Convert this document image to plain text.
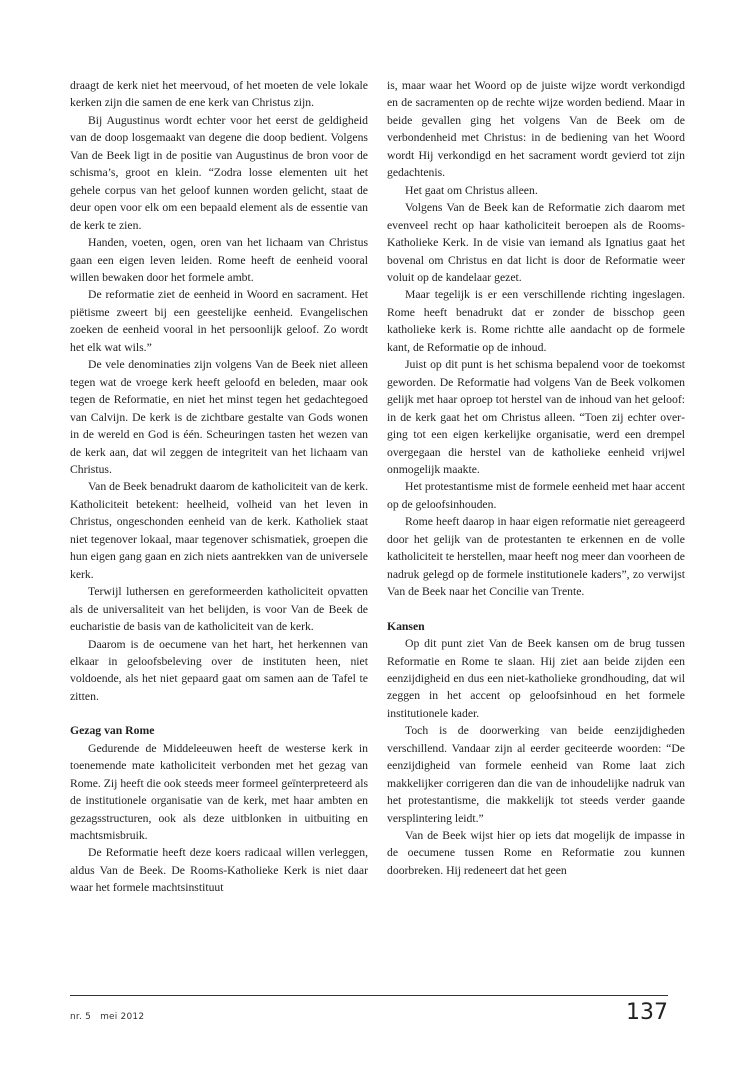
draagt de kerk niet het meervoud, of het moeten de vele lokale kerken zijn die samen de ene kerk van Christus zijn.

Bij Augustinus wordt echter voor het eerst de geldigheid van de doop losgemaakt van degene die doop bedient. Volgens Van de Beek ligt in de positie van Augustinus de bron voor de schisma’s, groot en klein. “Zodra losse elementen uit het gehele corpus van het geloof kunnen worden gelicht, staat de deur open voor elk om een bepaald element als de essentie van de kerk te zien.

Handen, voeten, ogen, oren van het lichaam van Christus gaan een eigen leven leiden. Rome heeft de eenheid vooral willen bewaken door het formele ambt.

De reformatie ziet de eenheid in Woord en sacrament. Het piëtisme zweert bij een geestelijke eenheid. Evangelischen zoeken de eenheid vooral in het persoonlijk geloof. Zo wordt het elk wat wils.”

De vele denominaties zijn volgens Van de Beek niet alleen tegen wat de vroege kerk heeft geloofd en beleden, maar ook tegen de Reformatie, en niet het minst tegen het gedachtegoed van Calvijn. De kerk is de zichtbare gestalte van Gods wonen in de wereld en God is één. Scheuringen tasten het wezen van de kerk aan, dat wil zeggen de integriteit van het lichaam van Christus.

Van de Beek benadrukt daarom de katholiciteit van de kerk. Katholiciteit betekent: heelheid, volheid van het leven in Christus, ongeschonden eenheid van de kerk. Katholiek staat niet tegenover lokaal, maar tegenover schismatiek, groepen die hun eigen gang gaan en zich niets aantrekken van de universele kerk.

Terwijl luthersen en gereformeerden katholiciteit opvatten als de universaliteit van het belijden, is voor Van de Beek de eucharistie de basis van de katholiciteit van de kerk.

Daarom is de oecumene van het hart, het herkennen van elkaar in geloofsbeleving over de instituten heen, niet voldoende, als het niet gepaard gaat om samen aan de Tafel te zitten.

Gezag van Rome

Gedurende de Middeleeuwen heeft de westerse kerk in toenemende mate katholiciteit verbonden met het gezag van Rome. Zij heeft die ook steeds meer formeel geïnterpreteerd als de institutionele organisatie van de kerk, met haar ambten en gezagsstructuren, ook als deze uitblonken in uitbuiting en machtsmisbruik.

De Reformatie heeft deze koers radicaal willen verleggen, aldus Van de Beek. De Rooms-Katholieke Kerk is niet daar waar het formele machtsinstituut

is, maar waar het Woord op de juiste wijze wordt verkondigd en de sacramenten op de rechte wijze worden bediend. Maar in beide gevallen ging het volgens Van de Beek om de verbondenheid met Christus: in de bediening van het Woord wordt Hij verkondigd en het sacrament wordt gevierd tot zijn gedachtenis.

Het gaat om Christus alleen.

Volgens Van de Beek kan de Reformatie zich daarom met evenveel recht op haar katholiciteit beroepen als de Rooms-Katholieke Kerk. In de visie van iemand als Ignatius gaat het bovenal om Christus en dat licht is door de Reformatie weer voluit op de kandelaar gezet.

Maar tegelijk is er een verschillende richting ingeslagen. Rome heeft benadrukt dat er zonder de bisschop geen katholieke kerk is. Rome richtte alle aandacht op de formele kant, de Reformatie op de inhoud.

Juist op dit punt is het schisma bepalend voor de toekomst geworden. De Reformatie had volgens Van de Beek volkomen gelijk met haar oproep tot herstel van de inhoud van het geloof: in de kerk gaat het om Christus alleen. “Toen zij echter overging tot een eigen kerkelijke organisatie, werd een drempel overgegaan die herstel van de katholieke eenheid vrijwel onmogelijk maakte.

Het protestantisme mist de formele eenheid met haar accent op de geloofsinhouden.

Rome heeft daarop in haar eigen reformatie niet gereageerd door het gelijk van de protestanten te erkennen en de volle katholiciteit te herstellen, maar heeft nog meer dan voorheen de nadruk gelegd op de formele institutionele kaders”, zo verwijst Van de Beek naar het Concilie van Trente.

Kansen

Op dit punt ziet Van de Beek kansen om de brug tussen Reformatie en Rome te slaan. Hij ziet aan beide zijden een eenzijdigheid en dus een niet-katholieke grondhouding, dat wil zeggen in het accent op geloofsinhoud en het formele institutionele kader.

Toch is de doorwerking van beide eenzijdigheden verschillend. Vandaar zijn al eerder geciteerde woorden: “De eenzijdigheid van formele eenheid van Rome laat zich makkelijker corrigeren dan die van de inhoudelijke nadruk van het protestantisme, die makkelijk tot steeds verder gaande versplintering leidt.”

Van de Beek wijst hier op iets dat mogelijk de impasse in de oecumene tussen Rome en Reformatie zou kunnen doorbreken. Hij redeneert dat het geen

nr. 5 mei 2012	137
